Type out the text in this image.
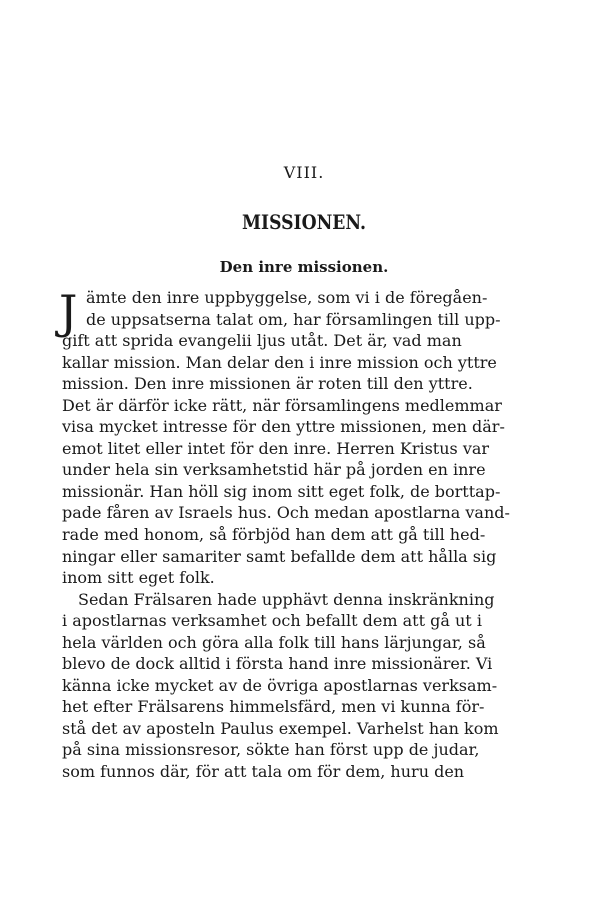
VIII.
MISSIONEN.
Den inre missionen.
J ämte den inre uppbyggelse, som vi i de föregåen-
de uppsatserna talat om, har församlingen till upp-
gift att sprida evangelii ljus utåt. Det är, vad man
kallar mission. Man delar den i inre mission och yttre
mission. Den inre missionen är roten till den yttre.
Det är därför icke rätt, när församlingens medlemmar
visa mycket intresse för den yttre missionen, men där-
emot litet eller intet för den inre. Herren Kristus var
under hela sin verksamhetstid här på jorden en inre
missionär. Han höll sig inom sitt eget folk, de borttap-
pade fåren av Israels hus. Och medan apostlarna vand-
rade med honom, så förbjöd han dem att gå till hed-
ningar eller samariter samt befallde dem att hålla sig
inom sitt eget folk.
Sedan Frälsaren hade upphävt denna inskränkning
i apostlarnas verksamhet och befallt dem att gå ut i
hela världen och göra alla folk till hans lärjungar, så
blevo de dock alltid i första hand inre missionärer. Vi
känna icke mycket av de övriga apostlarnas verksam-
het efter Frälsarens himmelsfärd, men vi kunna för-
stå det av aposteln Paulus exempel. Varhelst han kom
på sina missionsresor, sökte han först upp de judar,
som funnos där, för att tala om för dem, huru den
